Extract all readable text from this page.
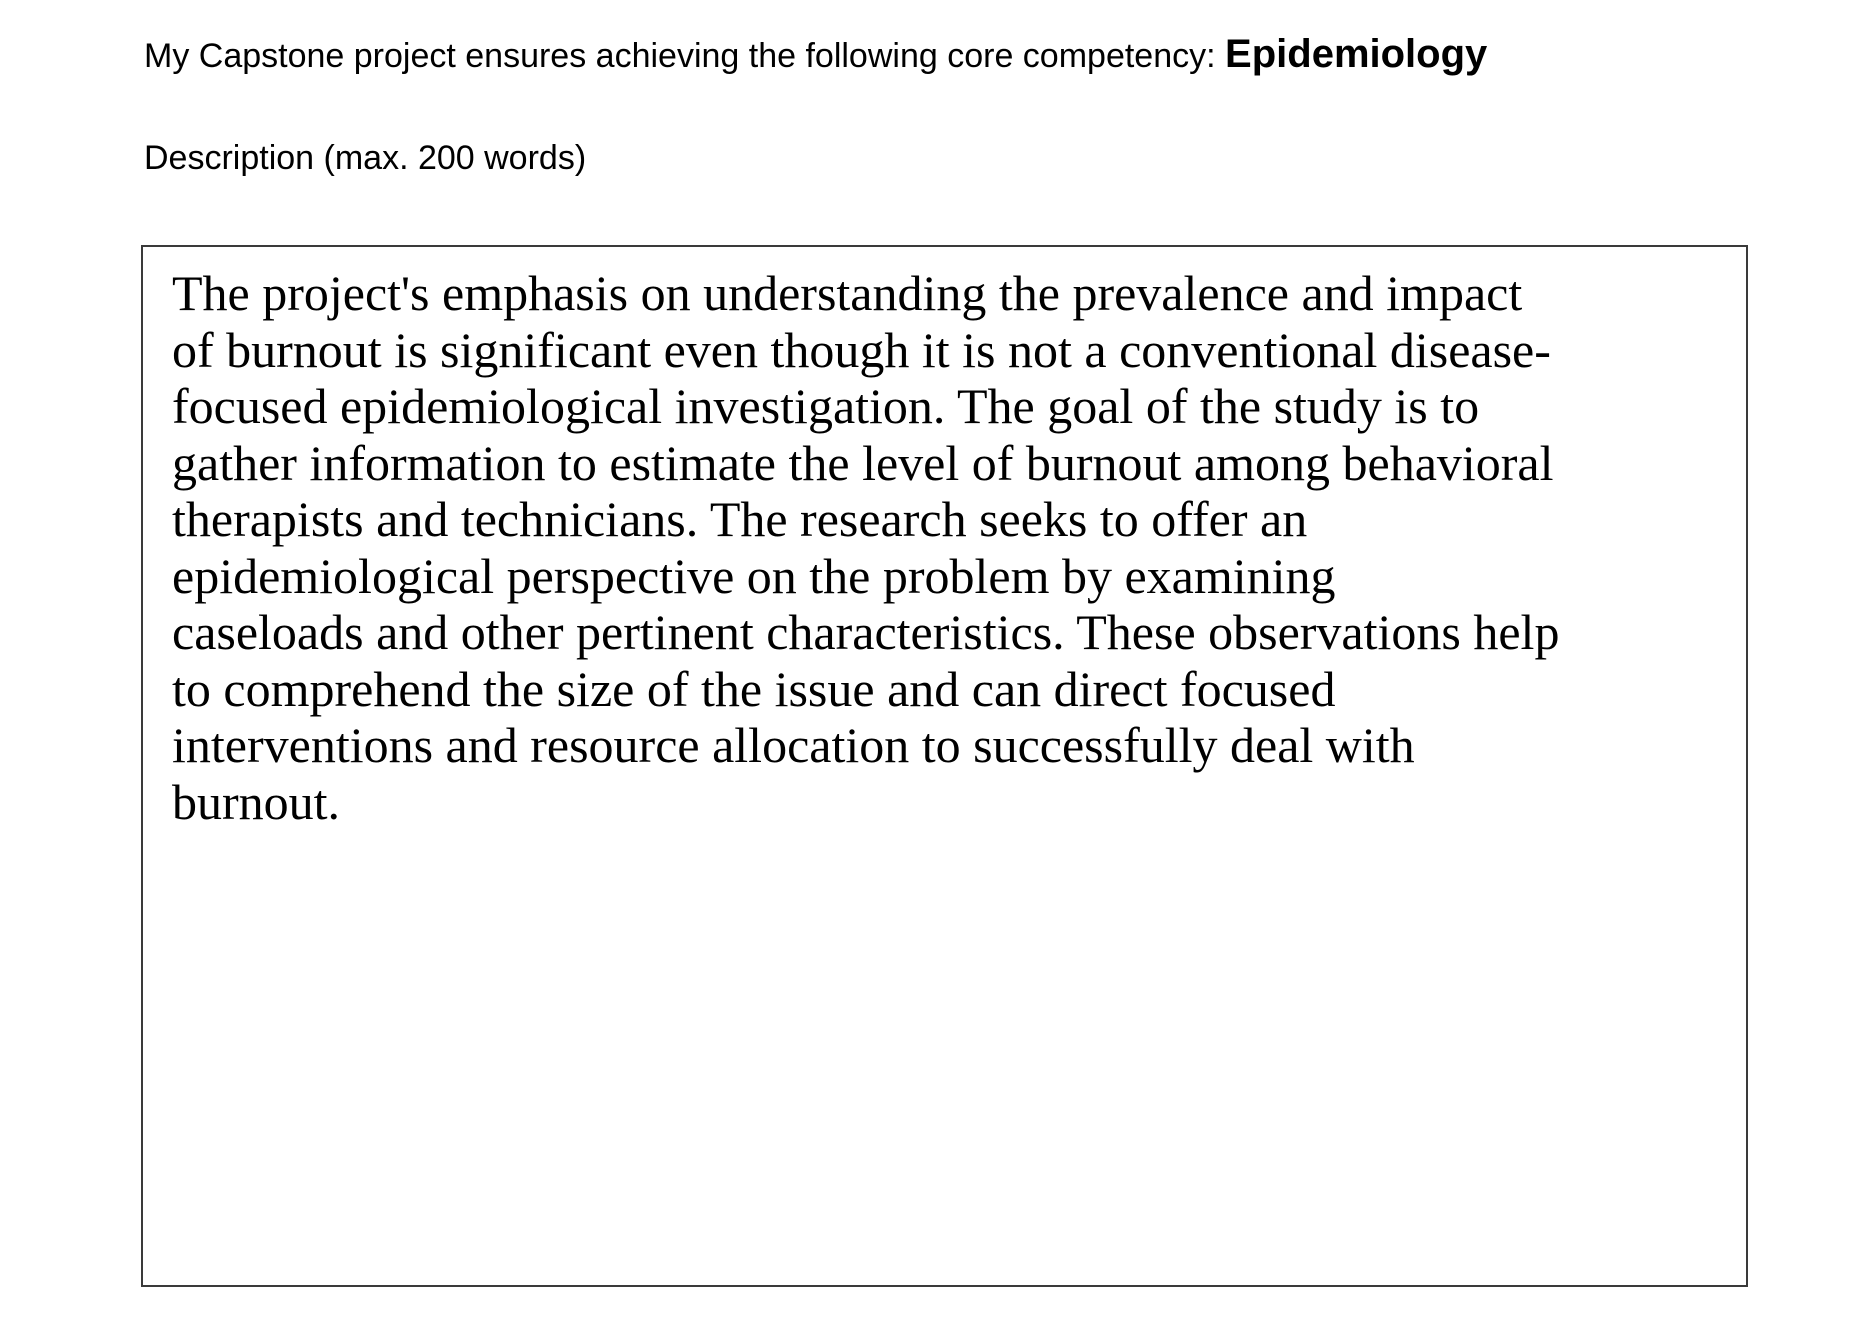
My Capstone project ensures achieving the following core competency: Epidemiology
Description (max. 200 words)

The project's emphasis on understanding the prevalence and impact
of burnout is significant even though it is not a conventional disease-
focused epidemiological investigation. The goal of the study is to
gather information to estimate the level of burnout among behavioral
therapists and technicians. The research seeks to offer an
epidemiological perspective on the problem by examining
caseloads and other pertinent characteristics. These observations help
to comprehend the size of the issue and can direct focused
interventions and resource allocation to successfully deal with
burnout.
